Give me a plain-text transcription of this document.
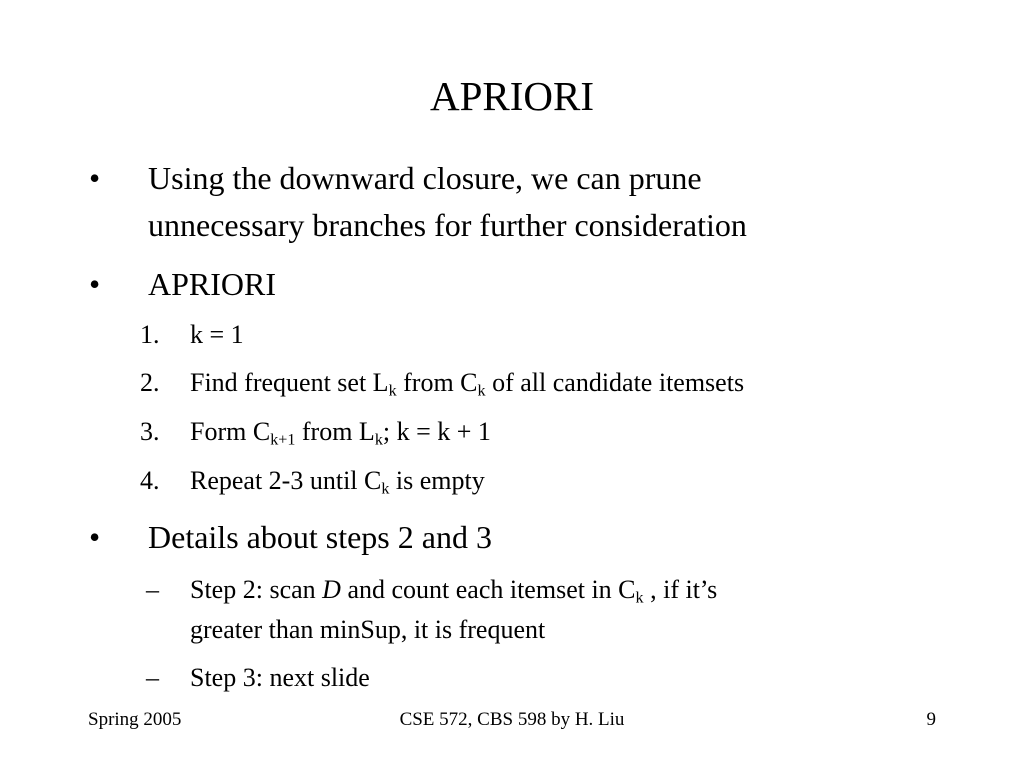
APRIORI
• Using the downward closure, we can prune
unnecessary branches for further consideration
• APRIORI
1. k = 1
2. Find frequent set $L_k$ from $C_k$ of all candidate itemsets
3. Form $C_{k+1}$ from $L_k$; k = k + 1
4. Repeat 2-3 until $C_k$ is empty
• Details about steps 2 and 3
– Step 2: scan D and count each itemset in $C_k$ , if it’s
greater than minSup, it is frequent
– Step 3: next slide
Spring 2005	CSE 572, CBS 598 by H. Liu	9
